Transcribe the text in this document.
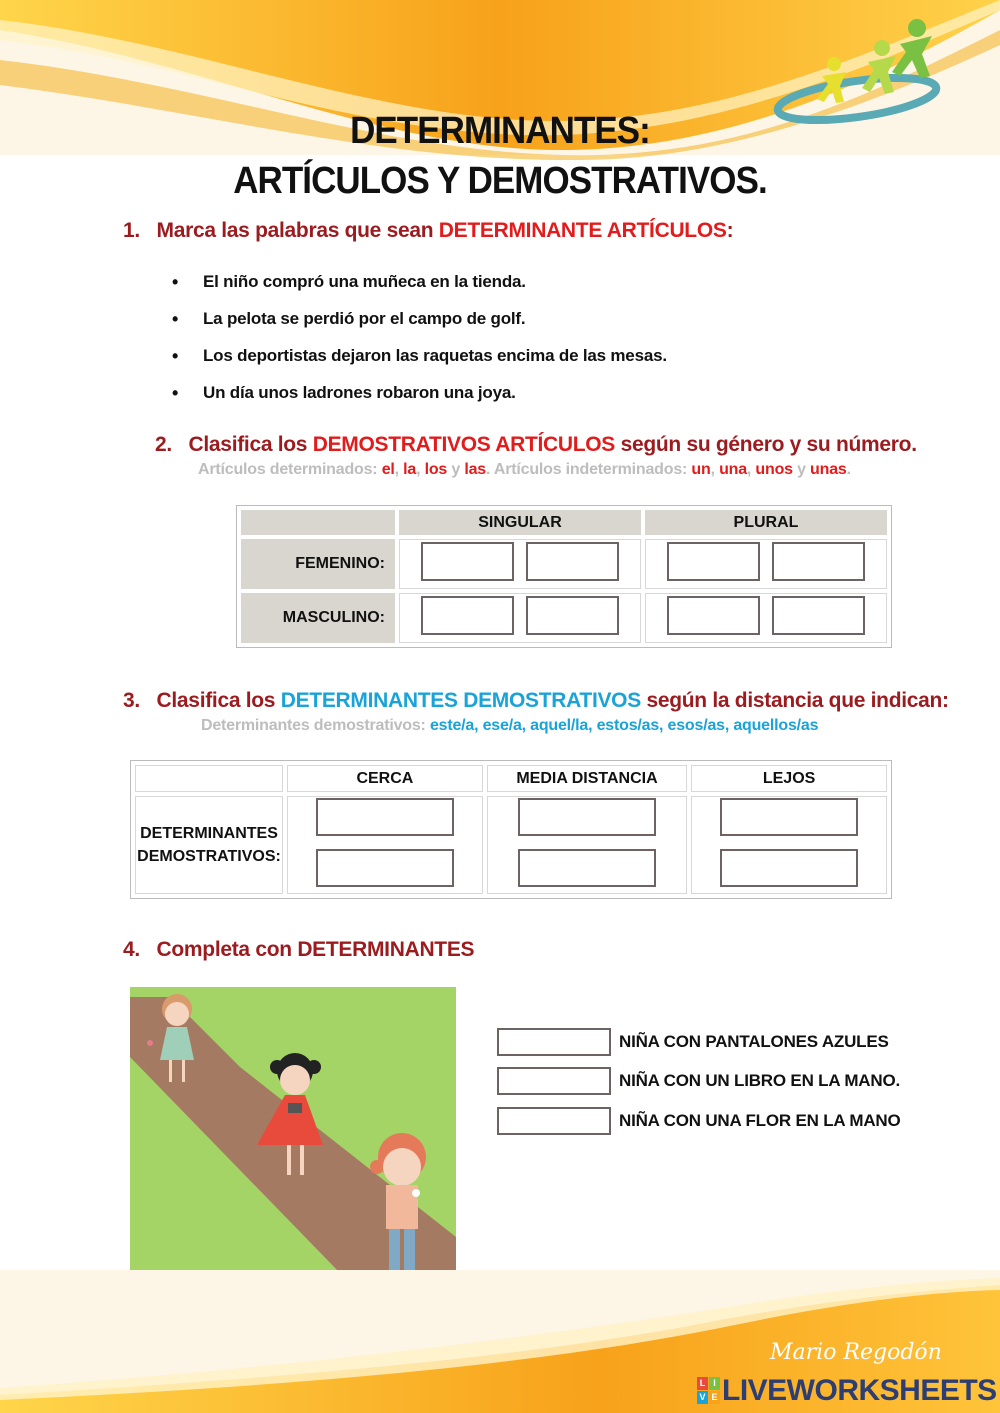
DETERMINANTES:
ARTÍCULOS Y DEMOSTRATIVOS.
1. Marca las palabras que sean DETERMINANTE ARTÍCULOS:
• El niño compró una muñeca en la tienda.
• La pelota se perdió por el campo de golf.
• Los deportistas dejaron las raquetas encima de las mesas.
• Un día unos ladrones robaron una joya.
2. Clasifica los DEMOSTRATIVOS ARTÍCULOS según su género y su número.
Artículos determinados: el, la, los y las. Artículos indeterminados: un, una, unos y unas.
	SINGULAR	PLURAL
FEMENINO:		
MASCULINO:		
3. Clasifica los DETERMINANTES DEMOSTRATIVOS según la distancia que indican:
Determinantes demostrativos: este/a, ese/a, aquel/la, estos/as, esos/as, aquellos/as
	CERCA	MEDIA DISTANCIA	LEJOS
DETERMINANTES
DEMOSTRATIVOS:	

4. Completa con DETERMINANTES
NIÑA CON PANTALONES AZULES
NIÑA CON UN LIBRO EN LA MANO.
NIÑA CON UNA FLOR EN LA MANO
Mario Regodón
L I
V E LIVEWORKSHEETS
